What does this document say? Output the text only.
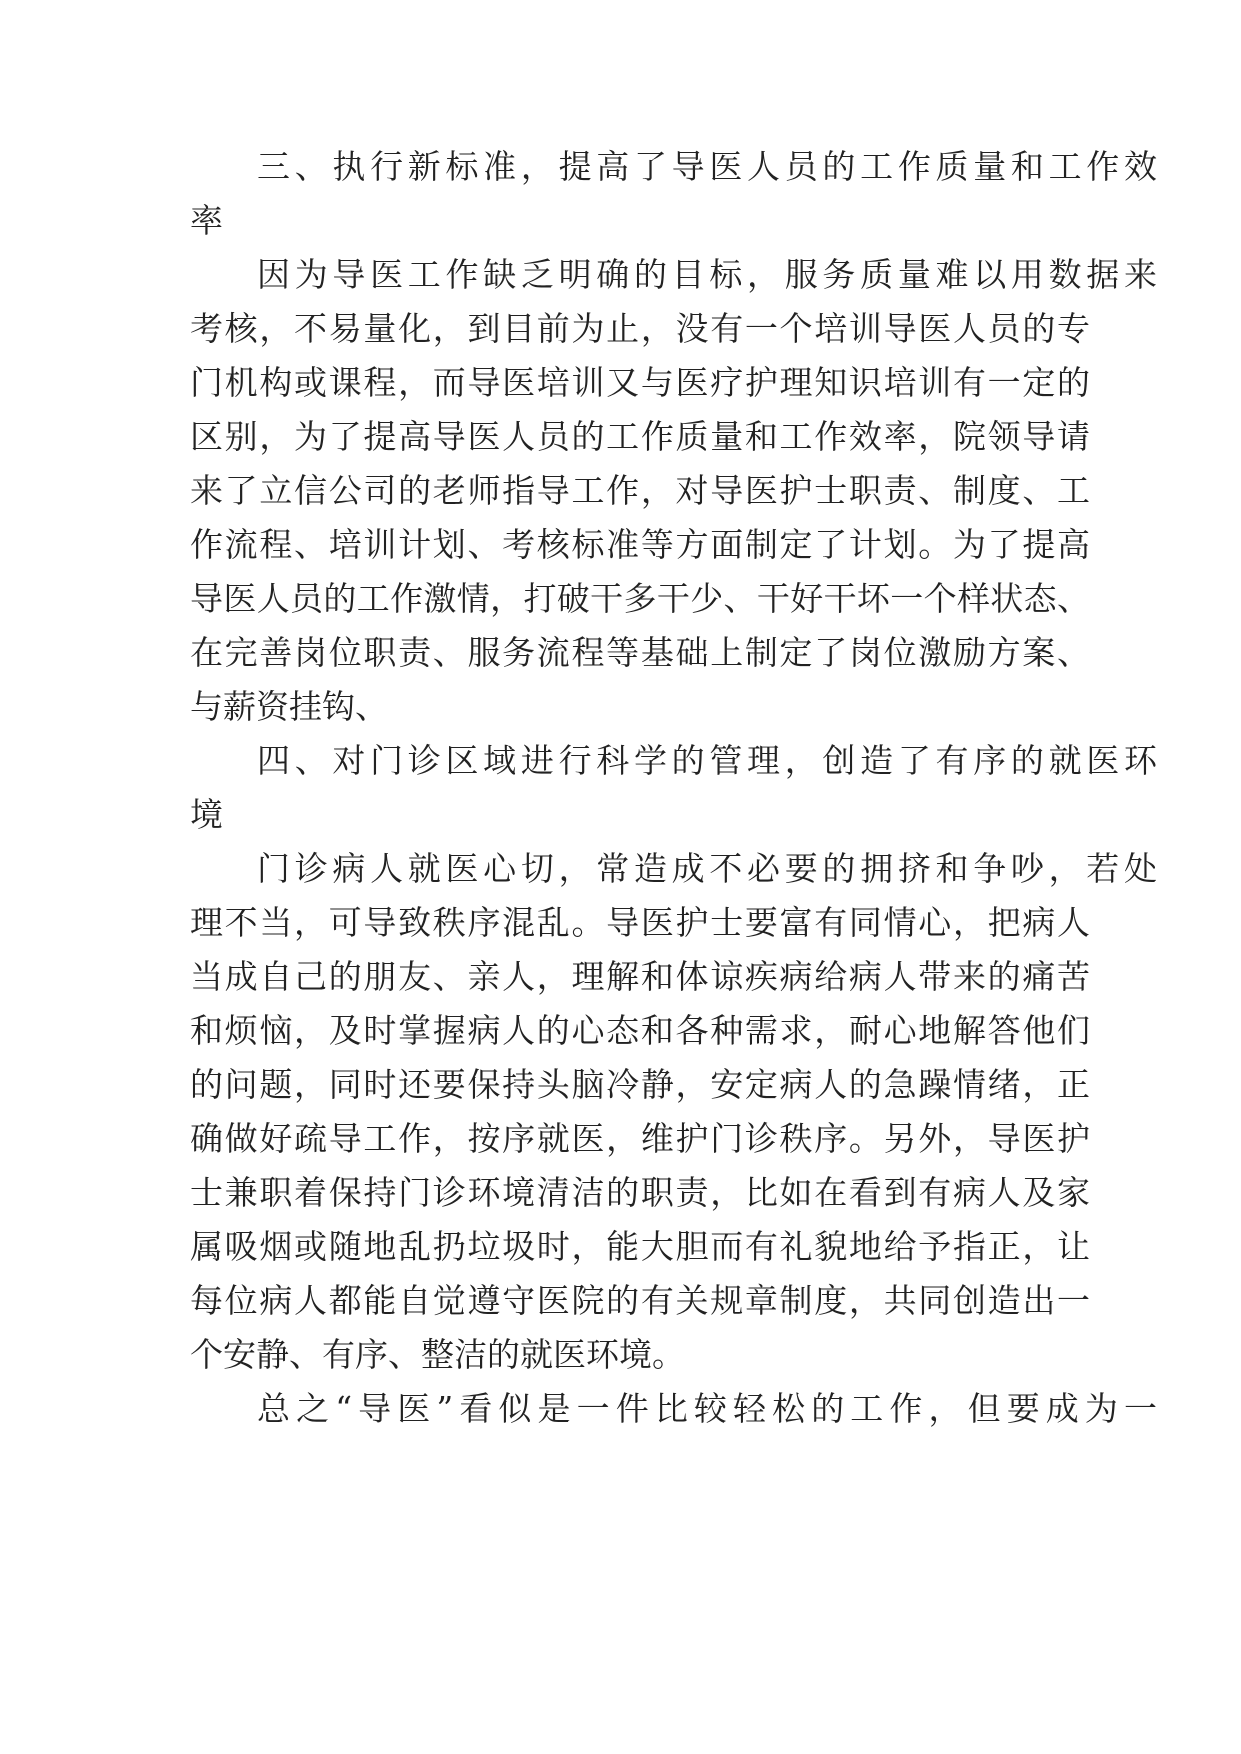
三、执行新标准，提高了导医人员的工作质量和工作效
率
因为导医工作缺乏明确的目标，服务质量难以用数据来
考核，不易量化，到目前为止，没有一个培训导医人员的专
门机构或课程，而导医培训又与医疗护理知识培训有一定的
区别，为了提高导医人员的工作质量和工作效率，院领导请
来了立信公司的老师指导工作，对导医护士职责、制度、工
作流程、培训计划、考核标准等方面制定了计划。为了提高
导医人员的工作激情，打破干多干少、干好干坏一个样状态、
在完善岗位职责、服务流程等基础上制定了岗位激励方案、
与薪资挂钩、
四、对门诊区域进行科学的管理，创造了有序的就医环
境
门诊病人就医心切，常造成不必要的拥挤和争吵，若处
理不当，可导致秩序混乱。导医护士要富有同情心，把病人
当成自己的朋友、亲人，理解和体谅疾病给病人带来的痛苦
和烦恼，及时掌握病人的心态和各种需求，耐心地解答他们
的问题，同时还要保持头脑冷静，安定病人的急躁情绪，正
确做好疏导工作，按序就医，维护门诊秩序。另外，导医护
士兼职着保持门诊环境清洁的职责，比如在看到有病人及家
属吸烟或随地乱扔垃圾时，能大胆而有礼貌地给予指正，让
每位病人都能自觉遵守医院的有关规章制度，共同创造出一
个安静、有序、整洁的就医环境。
总之“导医”看似是一件比较轻松的工作，但要成为一
